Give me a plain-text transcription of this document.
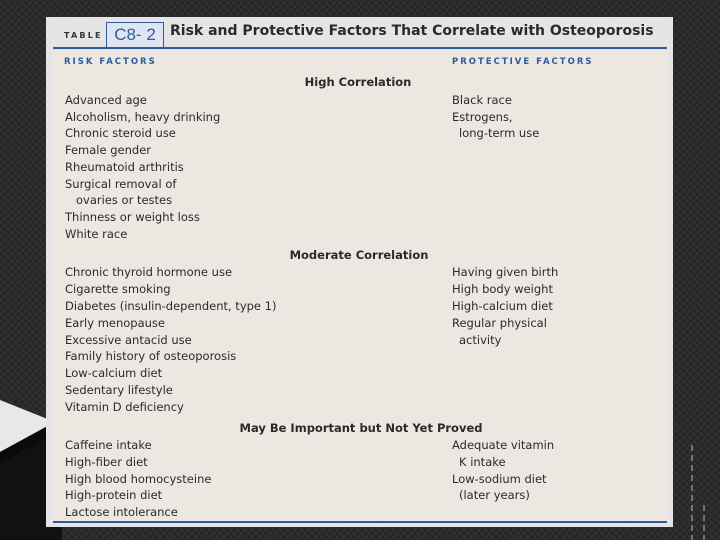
TABLE C8- 2	Risk and Protective Factors That Correlate with Osteoporosis
RISK FACTORS	PROTECTIVE FACTORS
High Correlation
Advanced age
Alcoholism, heavy drinking
Chronic steroid use
Female gender
Rheumatoid arthritis
Surgical removal of
ovaries or testes
Thinness or weight loss
White race
Black race
Estrogens,
long-term use
Moderate Correlation
Chronic thyroid hormone use
Cigarette smoking
Diabetes (insulin-dependent, type 1)
Early menopause
Excessive antacid use
Family history of osteoporosis
Low-calcium diet
Sedentary lifestyle
Vitamin D deficiency
Having given birth
High body weight
High-calcium diet
Regular physical
activity
May Be Important but Not Yet Proved
Caffeine intake
High-fiber diet
High blood homocysteine
High-protein diet
Lactose intolerance
Adequate vitamin
K intake
Low-sodium diet
(later years)
